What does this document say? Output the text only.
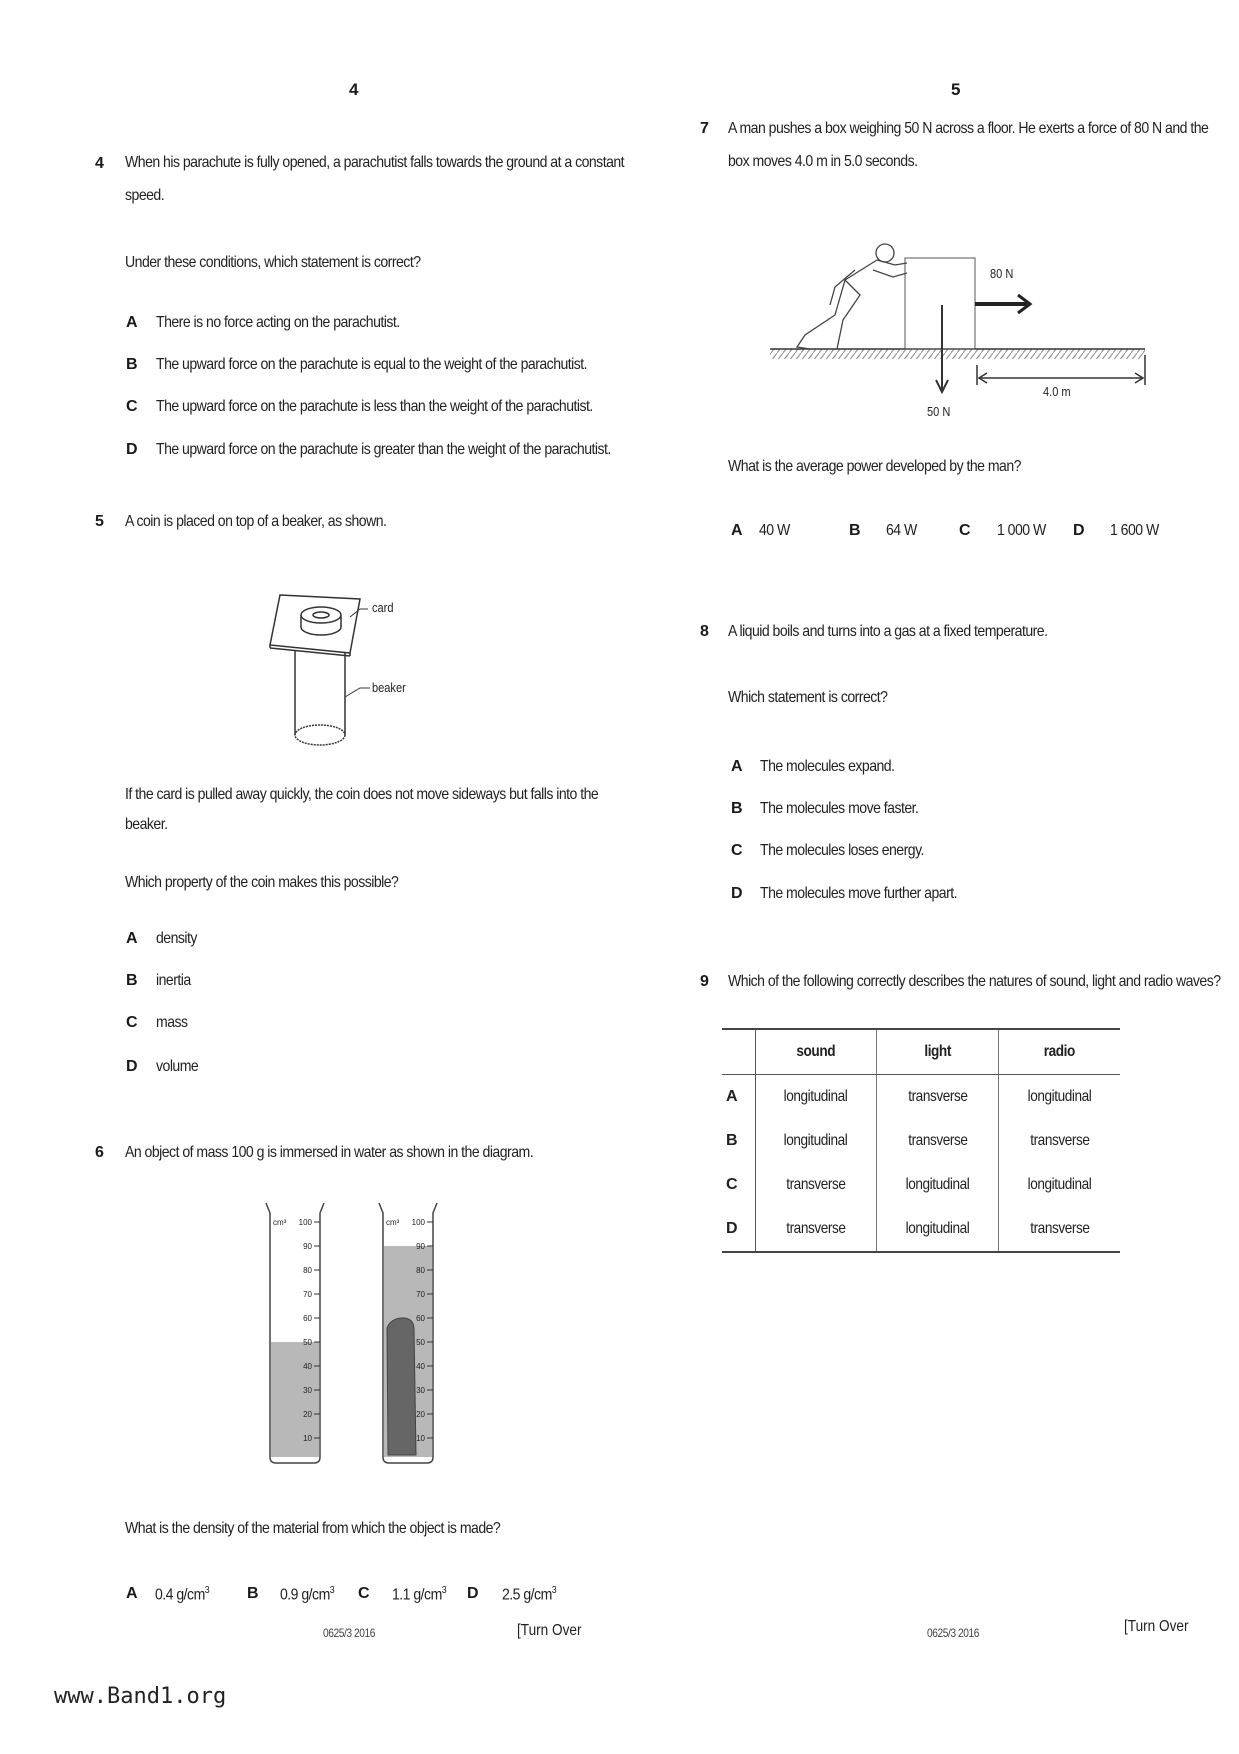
4
4 When his parachute is fully opened, a parachutist falls towards the ground at a constant
speed.
Under these conditions, which statement is correct?
A There is no force acting on the parachutist.
B The upward force on the parachute is equal to the weight of the parachutist.
C The upward force on the parachute is less than the weight of the parachutist.
D The upward force on the parachute is greater than the weight of the parachutist.
5 A coin is placed on top of a beaker, as shown.
card
beaker
If the card is pulled away quickly, the coin does not move sideways but falls into the
beaker.
Which property of the coin makes this possible?
A density
B inertia
C mass
D volume
6 An object of mass 100 g is immersed in water as shown in the diagram.
cm³ 100
90
80
70
60
50
40
30
20
10
cm³ 100
90
80
70
60
50
40
30
20
10
What is the density of the material from which the object is made?
A 0.4 $g/cm^3$ B 0.9 $g/cm^3$ C 1.1 $g/cm^3$ D 2.5 $g/cm^3$
0625/3 2016	[Turn Over
5
7 A man pushes a box weighing 50 N across a floor. He exerts a force of 80 N and the
box moves 4.0 m in 5.0 seconds.
80 N
50 N
4.0 m
What is the average power developed by the man?
A 40 W	B 64 W	C 1 000 W D 1 600 W
8 A liquid boils and turns into a gas at a fixed temperature.
Which statement is correct?
A The molecules expand.
B The molecules move faster.
C The molecules loses energy.
D The molecules move further apart.
9 Which of the following correctly describes the natures of sound, light and radio waves?
	sound	light	radio
A	longitudinal	transverse	longitudinal
B	longitudinal	transverse	transverse
C	transverse	longitudinal	longitudinal
D	transverse	longitudinal	transverse
0625/3 2016	[Turn Over
www.Band1.org
